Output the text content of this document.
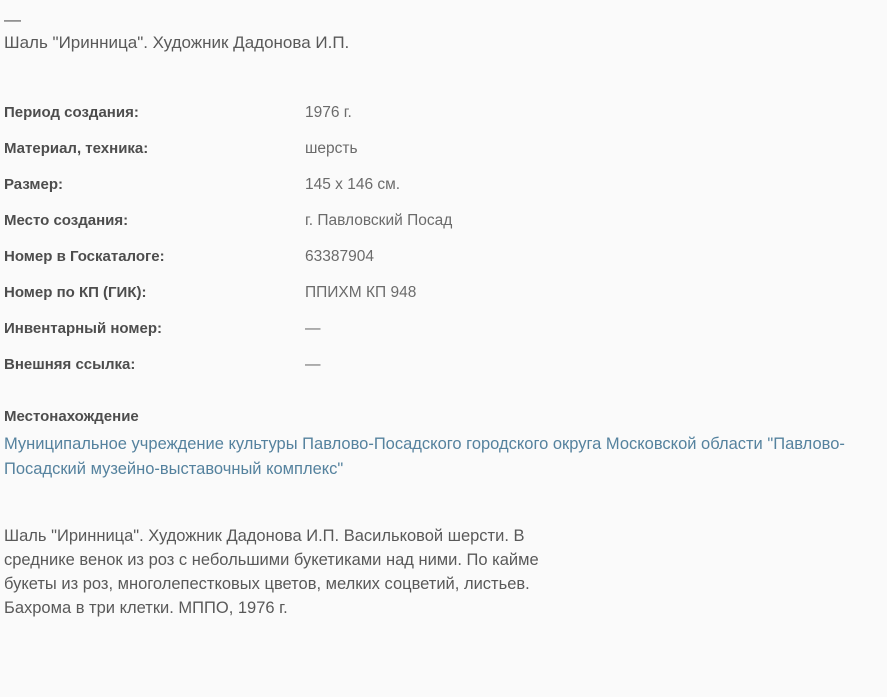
—
Шаль "Иринница". Художник Дадонова И.П.
Период создания:	1976 г.
Материал, техника:	шерсть
Размер:	145 x 146 см.
Место создания:	г. Павловский Посад
Номер в Госкаталоге:	63387904
Номер по КП (ГИК):	ППИХМ КП 948
Инвентарный номер:	—
Внешняя ссылка:	—
Местонахождение
Муниципальное учреждение культуры Павлово-Посадского городского округа Московской области "Павлово-Посадский музейно-выставочный комплекс"
Шаль "Иринница". Художник Дадонова И.П. Васильковой шерсти. В среднике венок из роз с небольшими букетиками над ними. По кайме букеты из роз, многолепестковых цветов, мелких соцветий, листьев. Бахрома в три клетки. МППО, 1976 г.
